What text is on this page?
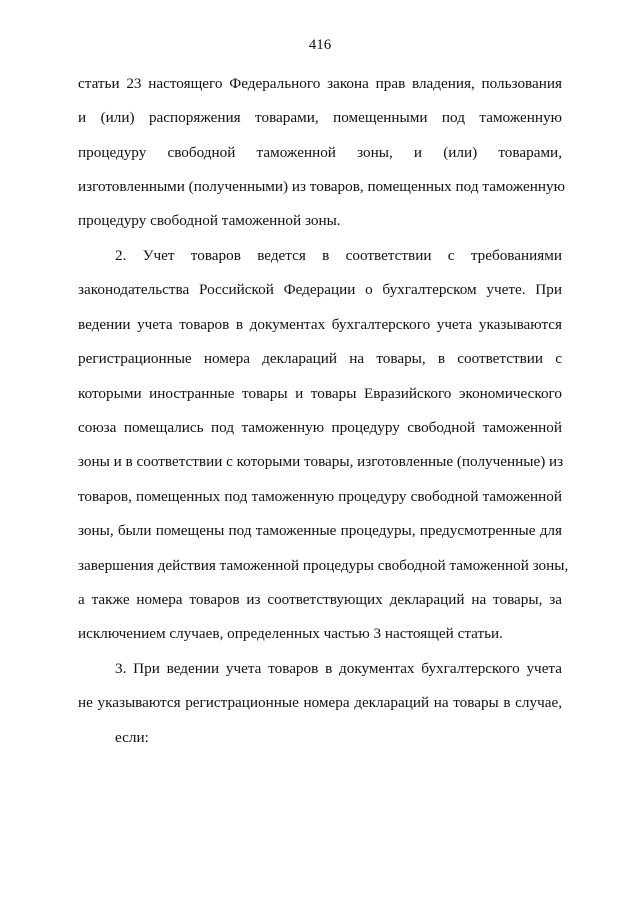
416
статьи 23 настоящего Федерального закона прав владения, пользования
и (или) распоряжения товарами, помещенными под таможенную
процедуру свободной таможенной зоны, и (или) товарами,
изготовленными (полученными) из товаров, помещенных под таможенную
процедуру свободной таможенной зоны.
2. Учет товаров ведется в соответствии с требованиями
законодательства Российской Федерации о бухгалтерском учете. При
ведении учета товаров в документах бухгалтерского учета указываются
регистрационные номера деклараций на товары, в соответствии с
которыми иностранные товары и товары Евразийского экономического
союза помещались под таможенную процедуру свободной таможенной
зоны и в соответствии с которыми товары, изготовленные (полученные) из
товаров, помещенных под таможенную процедуру свободной таможенной
зоны, были помещены под таможенные процедуры, предусмотренные для
завершения действия таможенной процедуры свободной таможенной зоны,
а также номера товаров из соответствующих деклараций на товары, за
исключением случаев, определенных частью 3 настоящей статьи.
3. При ведении учета товаров в документах бухгалтерского учета
не указываются регистрационные номера деклараций на товары в случае,
если:
